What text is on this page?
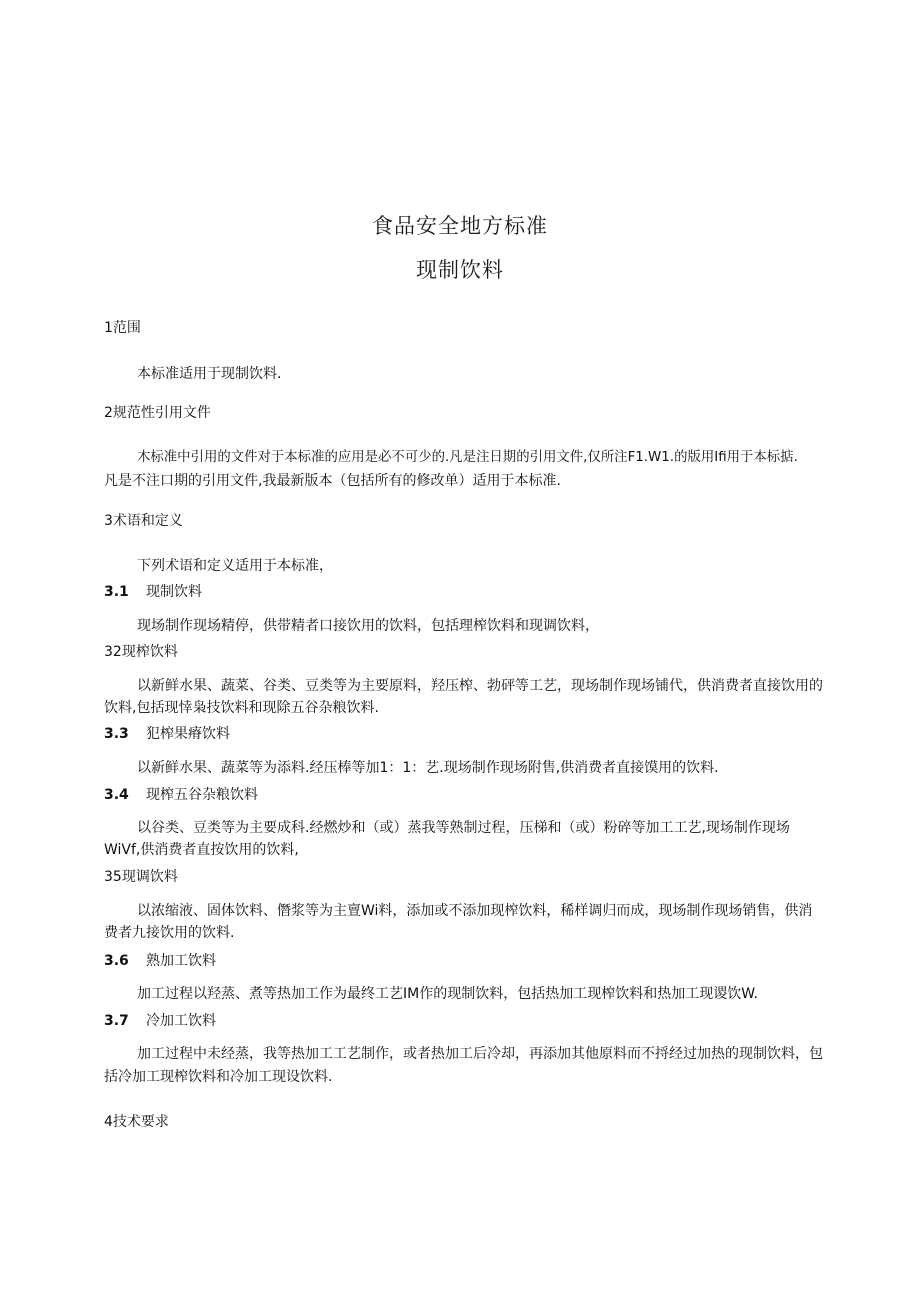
食品安全地方标准
现制饮料
1范围
本标准适用于现制饮料.
2规范性引用文件
木标准中引用的文件对于本标准的应用是必不可少的.凡是注日期的引用文件,仅所注F1.W1.的版用Ifi用于本标掂.
凡是不注口期的引用文件,我最新版本（包括所有的修改单）适用于本标准.
3术语和定义
下列术语和定义适用于本标准，
3.1 现制饮料
现场制作现场精停，供带精者口接饮用的饮料，包括理榨饮料和现调饮料，
32现榨饮料
以新鲜水果、蔬菜、谷类、豆类等为主要原料，羟压榨、勃砰等工艺，现场制作现场铺代，供消费者直接饮用的
饮料,包括现悻枭技饮料和现除五谷杂粮饮料.
3.3 犯榨果瘠饮料
以新鲜水果、蔬菜等为添料.经压棒等加1：1：艺.现场制作现场附售,供消费者直接馍用的饮料.
3.4 现榨五谷杂粮饮料
以谷类、豆类等为主要成科.经燃炒和（或）蒸我等熟制过程，压梯和（或）粉碎等加工工艺,现场制作现场
WiVf,供消费者直按饮用的饮料,
35现调饮料
以浓缩液、固体饮料、僭浆等为主亶Wi料，添加或不添加现榨饮料，稀样调归而成，现场制作现场销售，供消
费者九接饮用的饮料.
3.6 熟加工饮料
加工过程以羟蒸、煮等热加工作为最终工艺IM作的现制饮料，包括热加工现榨饮料和热加工现谡饮W.
3.7 冷加工饮料
加工过程中未经蒸，我等热加工工艺制作，或者热加工后冷却，再添加其他原料而不捋经过加热的现制饮料，包
括冷加工现榨饮料和冷加工现设饮料.
4技术要求
